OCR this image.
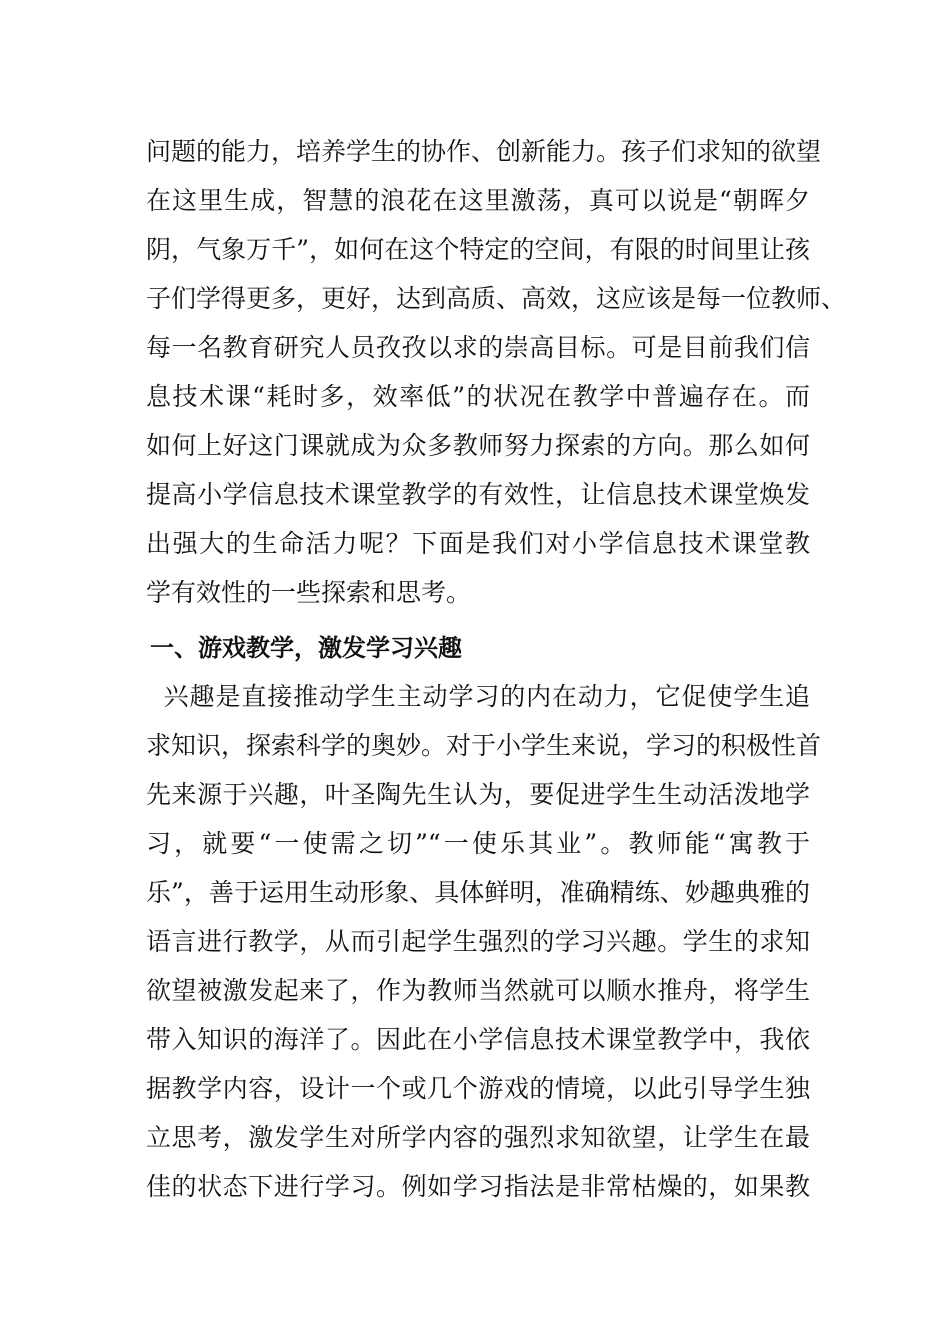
问题的能力，培养学生的协作、创新能力。孩子们求知的欲望
在这里生成，智慧的浪花在这里激荡，真可以说是“朝晖夕
阴，气象万千”，如何在这个特定的空间，有限的时间里让孩
子们学得更多，更好，达到高质、高效，这应该是每一位教师、
每一名教育研究人员孜孜以求的崇高目标。可是目前我们信
息技术课“耗时多，效率低”的状况在教学中普遍存在。而
如何上好这门课就成为众多教师努力探索的方向。那么如何
提高小学信息技术课堂教学的有效性，让信息技术课堂焕发
出强大的生命活力呢？下面是我们对小学信息技术课堂教
学有效性的一些探索和思考。
一、游戏教学，激发学习兴趣
兴趣是直接推动学生主动学习的内在动力，它促使学生追
求知识，探索科学的奥妙。对于小学生来说，学习的积极性首
先来源于兴趣，叶圣陶先生认为，要促进学生生动活泼地学
习，就要“一使需之切”“一使乐其业”。教师能“寓教于
乐”，善于运用生动形象、具体鲜明，准确精练、妙趣典雅的
语言进行教学，从而引起学生强烈的学习兴趣。学生的求知
欲望被激发起来了，作为教师当然就可以顺水推舟，将学生
带入知识的海洋了。因此在小学信息技术课堂教学中，我依
据教学内容，设计一个或几个游戏的情境，以此引导学生独
立思考，激发学生对所学内容的强烈求知欲望，让学生在最
佳的状态下进行学习。例如学习指法是非常枯燥的，如果教
